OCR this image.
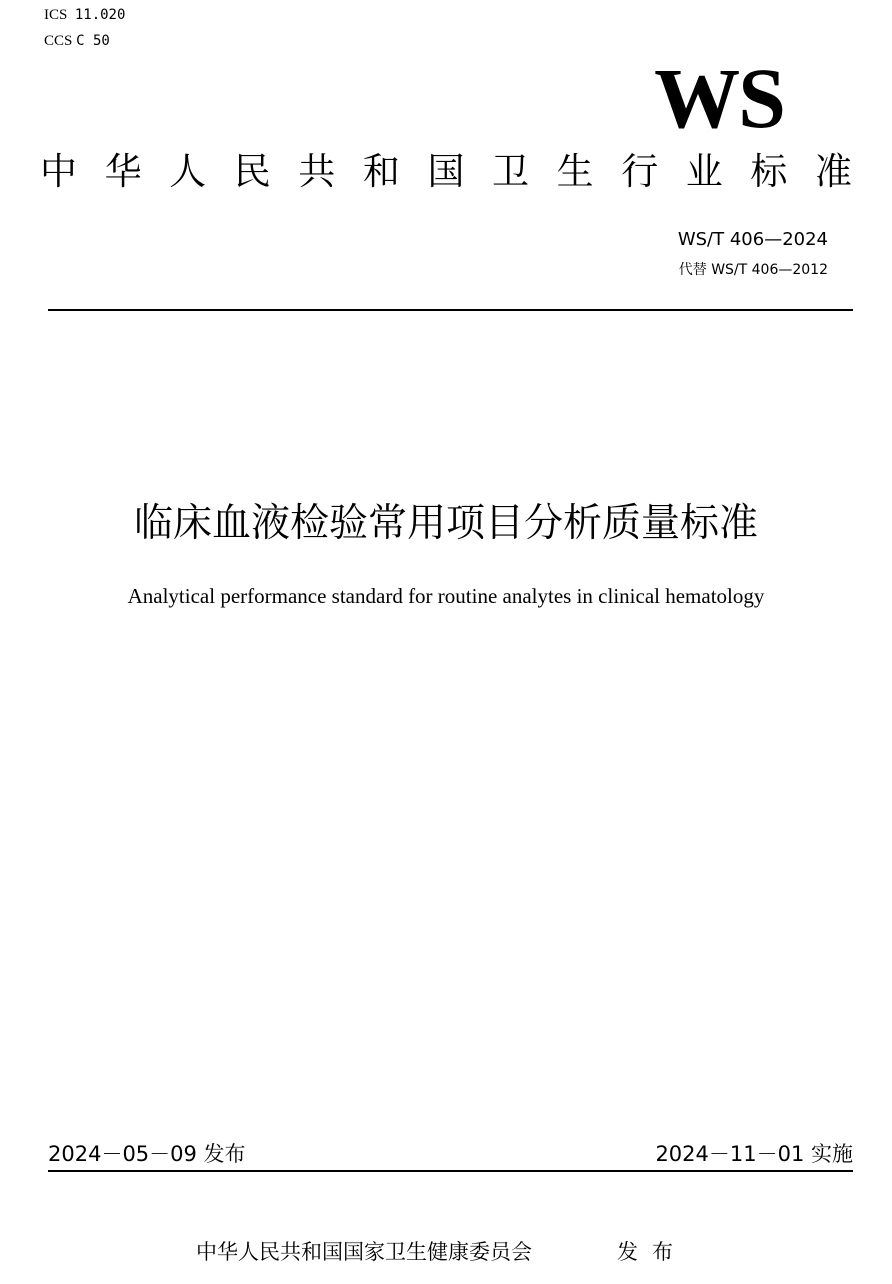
ICS 11.020
CCS C 50
WS
中 华 人 民 共 和 国 卫 生 行 业 标 准
WS/T 406—2024
代替 WS/T 406—2012
临床血液检验常用项目分析质量标准
Analytical performance standard for routine analytes in clinical hematology
2024－05－09 发布	2024－11－01 实施
中华人民共和国国家卫生健康委员会	发布
